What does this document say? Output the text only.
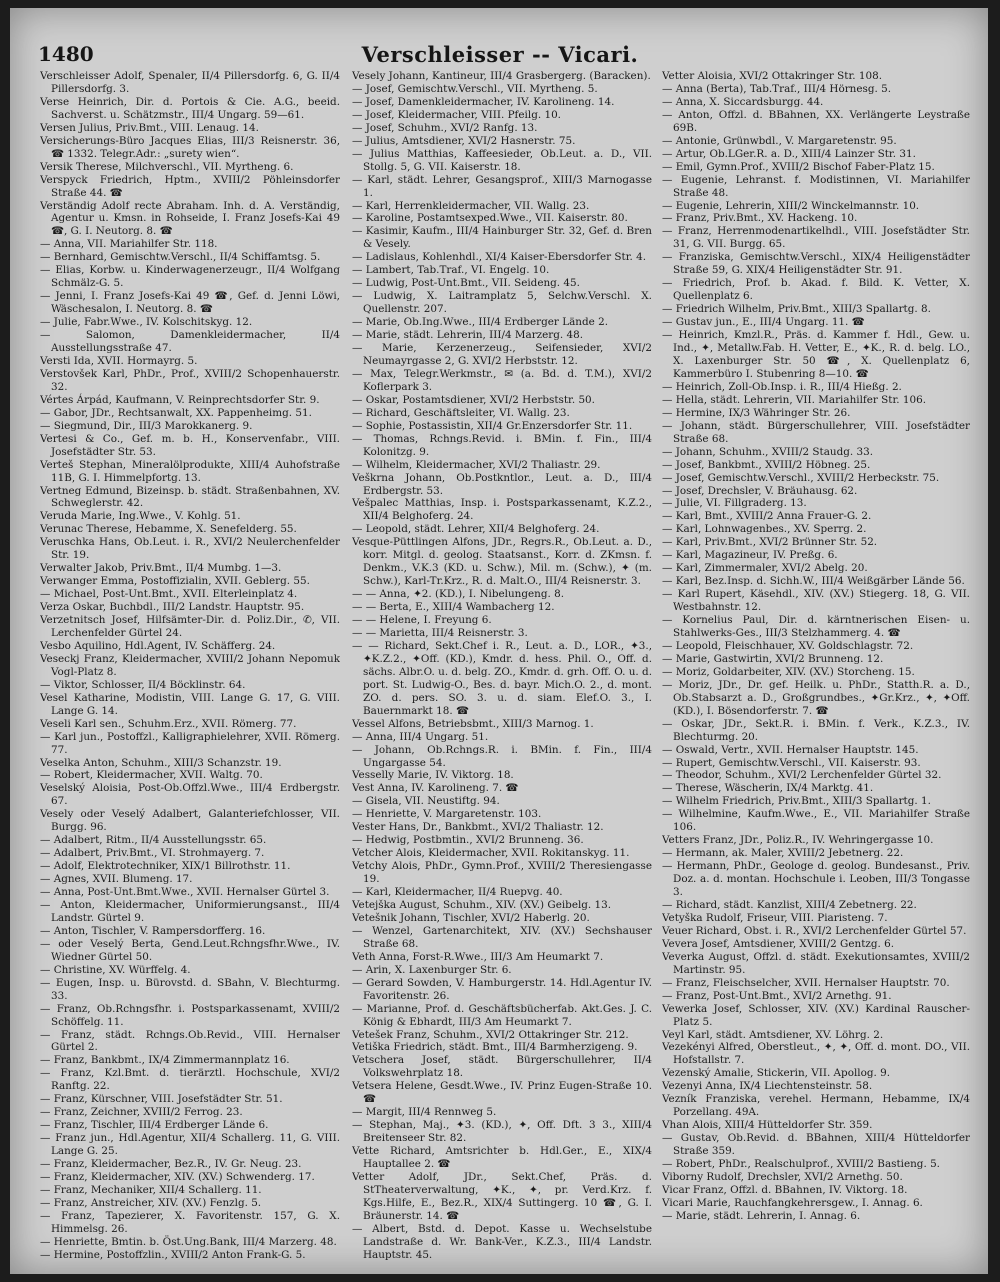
1480	Verschleisser -- Vicari.
Verschleisser Adolf, Spenaler, II/4 Pillersdorfg. 6, G. II/4 Pillersdorfg. 3.
Verse Heinrich, Dir. d. Portois & Cie. A.G., beeid. Sachverst. u. Schätzmstr., III/4 Ungarg. 59—61.
Versen Julius, Priv.Bmt., VIII. Lenaug. 14.
Versicherungs-Büro Jacques Elias, III/3 Reisnerstr. 36, ☎ 1332. Telegr.Adr.: „surety wien“.
Versik Therese, Milchverschl., VII. Myrtheng. 6.
Verspyck Friedrich, Hptm., XVIII/2 Pöhleinsdorfer Straße 44. ☎
Verständig Adolf recte Abraham. Inh. d. A. Verständig, Agentur u. Kmsn. in Rohseide, I. Franz Josefs-Kai 49 ☎, G. I. Neutorg. 8. ☎
— Anna, VII. Mariahilfer Str. 118.
— Bernhard, Gemischtw.Verschl., II/4 Schiffamtsg. 5.
— Elias, Korbw. u. Kinderwagenerzeugr., II/4 Wolfgang Schmälz-G. 5.
— Jenni, I. Franz Josefs-Kai 49 ☎, Gef. d. Jenni Löwi, Wäschesalon, I. Neutorg. 8. ☎
— Julie, Fabr.Wwe., IV. Kolschitskyg. 12.
— Salomon, Damenkleidermacher, II/4 Ausstellungsstraße 47.
Versti Ida, XVII. Hormayrg. 5.
Verstovšek Karl, PhDr., Prof., XVIII/2 Schopenhauerstr. 32.
Vértes Árpád, Kaufmann, V. Reinprechtsdorfer Str. 9.
— Gabor, JDr., Rechtsanwalt, XX. Pappenheimg. 51.
— Siegmund, Dir., III/3 Marokkanerg. 9.
Vertesi & Co., Gef. m. b. H., Konservenfabr., VIII. Josefstädter Str. 53.
Verteš Stephan, Mineralölprodukte, XIII/4 Auhofstraße 11B, G. I. Himmelpfortg. 13.
Vertneg Edmund, Bizeinsp. b. städt. Straßenbahnen, XV. Schweglerstr. 42.
Veruda Marie, Ing.Wwe., V. Kohlg. 51.
Verunac Therese, Hebamme, X. Senefelderg. 55.
Veruschka Hans, Ob.Leut. i. R., XVI/2 Neulerchenfelder Str. 19.
Verwalter Jakob, Priv.Bmt., II/4 Mumbg. 1—3.
Verwanger Emma, Postoffizialin, XVII. Geblerg. 55.
— Michael, Post-Unt.Bmt., XVII. Elterleinplatz 4.
Verza Oskar, Buchbdl., III/2 Landstr. Hauptstr. 95.
Verzetnitsch Josef, Hilfsämter-Dir. d. Poliz.Dir., ✆, VII. Lerchenfelder Gürtel 24.
Vesbo Aquilino, Hdl.Agent, IV. Schäfferg. 24.
Veseckj Franz, Kleidermacher, XVIII/2 Johann Nepomuk Vogl-Platz 8.
— Viktor, Schlosser, II/4 Böcklinstr. 64.
Vesel Katharine, Modistin, VIII. Lange G. 17, G. VIII. Lange G. 14.
Veseli Karl sen., Schuhm.Erz., XVII. Römerg. 77.
— Karl jun., Postoffzl., Kalligraphielehrer, XVII. Römerg. 77.
Veselka Anton, Schuhm., XIII/3 Schanzstr. 19.
— Robert, Kleidermacher, XVII. Waltg. 70.
Veselský Aloisia, Post-Ob.Offzl.Wwe., III/4 Erdbergstr. 67.
Vesely oder Veselý Adalbert, Galanteriefchlosser, VII. Burgg. 96.
— Adalbert, Ritm., II/4 Ausstellungsstr. 65.
— Adalbert, Priv.Bmt., VI. Strohmayerg. 7.
— Adolf, Elektrotechniker, XIX/1 Billrothstr. 11.
— Agnes, XVII. Blumeng. 17.
— Anna, Post-Unt.Bmt.Wwe., XVII. Hernalser Gürtel 3.
— Anton, Kleidermacher, Uniformierungsanst., III/4 Landstr. Gürtel 9.
— Anton, Tischler, V. Rampersdorfferg. 16.
— oder Veselý Berta, Gend.Leut.Rchngsfhr.Wwe., IV. Wiedner Gürtel 50.
— Christine, XV. Würffelg. 4.
— Eugen, Insp. u. Bürovstd. d. SBahn, V. Blechturmg. 33.
— Franz, Ob.Rchngsfhr. i. Postsparkassenamt, XVIII/2 Schöffelg. 11.
— Franz, städt. Rchngs.Ob.Revid., VIII. Hernalser Gürtel 2.
— Franz, Bankbmt., IX/4 Zimmermannplatz 16.
— Franz, Kzl.Bmt. d. tierärztl. Hochschule, XVI/2 Ranftg. 22.
— Franz, Kürschner, VIII. Josefstädter Str. 51.
— Franz, Zeichner, XVIII/2 Ferrog. 23.
— Franz, Tischler, III/4 Erdberger Lände 6.
— Franz jun., Hdl.Agentur, XII/4 Schallerg. 11, G. VIII. Lange G. 25.
— Franz, Kleidermacher, Bez.R., IV. Gr. Neug. 23.
— Franz, Kleidermacher, XIV. (XV.) Schwenderg. 17.
— Franz, Mechaniker, XII/4 Schallerg. 11.
— Franz, Anstreicher, XIV. (XV.) Fenzlg. 5.
— Franz, Tapezierer, X. Favoritenstr. 157, G. X. Himmelsg. 26.
— Henriette, Bmtin. b. Öst.Ung.Bank, III/4 Marzerg. 48.
— Hermine, Postoffzlin., XVIII/2 Anton Frank-G. 5.
Vesely Johann, Kantineur, III/4 Grasbergerg. (Baracken).
— Josef, Gemischtw.Verschl., VII. Myrtheng. 5.
— Josef, Damenkleidermacher, IV. Karolineng. 14.
— Josef, Kleidermacher, VIII. Pfeilg. 10.
— Josef, Schuhm., XVI/2 Ranfg. 13.
— Julius, Amtsdiener, XVI/2 Hasnerstr. 75.
— Julius Matthias, Kaffeesieder, Ob.Leut. a. D., VII. Stollg. 5, G. VII. Kaiserstr. 18.
— Karl, städt. Lehrer, Gesangsprof., XIII/3 Marnogasse 1.
— Karl, Herrenkleidermacher, VII. Wallg. 23.
— Karoline, Postamtsexped.Wwe., VII. Kaiserstr. 80.
— Kasimir, Kaufm., III/4 Hainburger Str. 32, Gef. d. Bren & Vesely.
— Ladislaus, Kohlenhdl., XI/4 Kaiser-Ebersdorfer Str. 4.
— Lambert, Tab.Traf., VI. Engelg. 10.
— Ludwig, Post-Unt.Bmt., VII. Seideng. 45.
— Ludwig, X. Laitramplatz 5, Selchw.Verschl. X. Quellenstr. 207.
— Marie, Ob.Ing.Wwe., III/4 Erdberger Lände 2.
— Marie, städt. Lehrerin, III/4 Marzerg. 48.
— Marie, Kerzenerzeug., Seifensieder, XVI/2 Neumayrgasse 2, G. XVI/2 Herbststr. 12.
— Max, Telegr.Werkmstr., ✉ (a. Bd. d. T.M.), XVI/2 Koflerpark 3.
— Oskar, Postamtsdiener, XVI/2 Herbststr. 50.
— Richard, Geschäftsleiter, VI. Wallg. 23.
— Sophie, Postassistin, XII/4 Gr.Enzersdorfer Str. 11.
— Thomas, Rchngs.Revid. i. BMin. f. Fin., III/4 Kolonitzg. 9.
— Wilhelm, Kleidermacher, XVI/2 Thaliastr. 29.
Veškrna Johann, Ob.Postkntlor., Leut. a. D., III/4 Erdbergstr. 53.
Vešpalec Matthias, Insp. i. Postsparkassenamt, K.Z.2., XII/4 Belghoferg. 24.
— Leopold, städt. Lehrer, XII/4 Belghoferg. 24.
Vesque-Püttlingen Alfons, JDr., Regrs.R., Ob.Leut. a. D., korr. Mitgl. d. geolog. Staatsanst., Korr. d. ZKmsn. f. Denkm., V.K.3 (KD. u. Schw.), Mil. m. (Schw.), ✦ (m. Schw.), Karl-Tr.Krz., R. d. Malt.O., III/4 Reisnerstr. 3.
— — Anna, ✦2. (KD.), I. Nibelungeng. 8.
— — Berta, E., XIII/4 Wambacherg 12.
— — Helene, I. Freyung 6.
— — Marietta, III/4 Reisnerstr. 3.
— — Richard, Sekt.Chef i. R., Leut. a. D., LOR., ✦3., ✦K.Z.2., ✦Off. (KD.), Kmdr. d. hess. Phil. O., Off. d. sächs. Albr.O. u. d. belg. ZO., Kmdr. d. grh. Off. O. u. d. port. St. Ludwig-O., Bes. d. bayr. Mich.O. 2., d. mont. ZO. d. pers. SO. 3. u. d. siam. Elef.O. 3., I. Bauernmarkt 18. ☎
Vessel Alfons, Betriebsbmt., XIII/3 Marnog. 1.
— Anna, III/4 Ungarg. 51.
— Johann, Ob.Rchngs.R. i. BMin. f. Fin., III/4 Ungargasse 54.
Vesselly Marie, IV. Viktorg. 18.
Vest Anna, IV. Karolineng. 7. ☎
— Gisela, VII. Neustiftg. 94.
— Henriette, V. Margaretenstr. 103.
Vester Hans, Dr., Bankbmt., XVI/2 Thaliastr. 12.
— Hedwig, Postbmtin., XVI/2 Brunneng. 36.
Vetcher Alois, Kleidermacher, XVII. Rokitanskyg. 11.
Vetchy Alois, PhDr., Gymn.Prof., XVIII/2 Theresiengasse 19.
— Karl, Kleidermacher, II/4 Ruepvg. 40.
Vetejška August, Schuhm., XIV. (XV.) Geibelg. 13.
Vetešnik Johann, Tischler, XVI/2 Haberlg. 20.
— Wenzel, Gartenarchitekt, XIV. (XV.) Sechshauser Straße 68.
Veth Anna, Forst-R.Wwe., III/3 Am Heumarkt 7.
— Arin, X. Laxenburger Str. 6.
— Gerard Sowden, V. Hamburgerstr. 14. Hdl.Agentur IV. Favoritenstr. 26.
— Marianne, Prof. d. Geschäftsbücherfab. Akt.Ges. J. C. König & Ebhardt, III/3 Am Heumarkt 7.
Vetešek Franz, Schuhm., XVI/2 Ottakringer Str. 212.
Vetiška Friedrich, städt. Bmt., III/4 Barmherzigeng. 9.
Vetschera Josef, städt. Bürgerschullehrer, II/4 Volkswehrplatz 18.
Vetsera Helene, Gesdt.Wwe., IV. Prinz Eugen-Straße 10. ☎
— Margit, III/4 Rennweg 5.
— Stephan, Maj., ✦3. (KD.), ✦, Off. Dft. 3 3., XIII/4 Breitenseer Str. 82.
Vette Richard, Amtsrichter b. Hdl.Ger., E., XIX/4 Hauptallee 2. ☎
Vetter Adolf, JDr., Sekt.Chef, Präs. d. StTheaterverwaltung, ✦K., ✦, pr. Verd.Krz. f. Kgs.Hilfe, E., Bez.R., XIX/4 Suttingerg. 10 ☎, G. I. Bräunerstr. 14. ☎
— Albert, Bstd. d. Depot. Kasse u. Wechselstube Landstraße d. Wr. Bank-Ver., K.Z.3., III/4 Landstr. Hauptstr. 45.
Vetter Aloisia, XVI/2 Ottakringer Str. 108.
— Anna (Berta), Tab.Traf., III/4 Hörnesg. 5.
— Anna, X. Siccardsburgg. 44.
— Anton, Offzl. d. BBahnen, XX. Verlängerte Leystraße 69B.
— Antonie, Grünwbdl., V. Margaretenstr. 95.
— Artur, Ob.LGer.R. a. D., XIII/4 Lainzer Str. 31.
— Emil, Gymn.Prof., XVIII/2 Bischof Faber-Platz 15.
— Eugenie, Lehranst. f. Modistinnen, VI. Mariahilfer Straße 48.
— Eugenie, Lehrerin, XIII/2 Winckelmannstr. 10.
— Franz, Priv.Bmt., XV. Hackeng. 10.
— Franz, Herrenmodenartikelhdl., VIII. Josefstädter Str. 31, G. VII. Burgg. 65.
— Franziska, Gemischtw.Verschl., XIX/4 Heiligenstädter Straße 59, G. XIX/4 Heiligenstädter Str. 91.
— Friedrich, Prof. b. Akad. f. Bild. K. Vetter, X. Quellenplatz 6.
— Friedrich Wilhelm, Priv.Bmt., XIII/3 Spallartg. 8.
— Gustav jun., E., III/4 Ungarg. 11. ☎
— Heinrich, Kmzl.R., Präs. d. Kammer f. Hdl., Gew. u. Ind., ✦, Metallw.Fab. H. Vetter, E., ✦K., R. d. belg. LO., X. Laxenburger Str. 50 ☎, X. Quellenplatz 6, Kammerbüro I. Stubenring 8—10. ☎
— Heinrich, Zoll-Ob.Insp. i. R., III/4 Hießg. 2.
— Hella, städt. Lehrerin, VII. Mariahilfer Str. 106.
— Hermine, IX/3 Währinger Str. 26.
— Johann, städt. Bürgerschullehrer, VIII. Josefstädter Straße 68.
— Johann, Schuhm., XVIII/2 Staudg. 33.
— Josef, Bankbmt., XVIII/2 Höbneg. 25.
— Josef, Gemischtw.Verschl., XVIII/2 Herbeckstr. 75.
— Josef, Drechsler, V. Bräuhausg. 62.
— Julie, VI. Fillgraderg. 13.
— Karl, Bmt., XVIII/2 Anna Frauer-G. 2.
— Karl, Lohnwagenbes., XV. Sperrg. 2.
— Karl, Priv.Bmt., XVI/2 Brünner Str. 52.
— Karl, Magazineur, IV. Preßg. 6.
— Karl, Zimmermaler, XVI/2 Abelg. 20.
— Karl, Bez.Insp. d. Sichh.W., III/4 Weißgärber Lände 56.
— Karl Rupert, Käsehdl., XIV. (XV.) Stiegerg. 18, G. VII. Westbahnstr. 12.
— Kornelius Paul, Dir. d. kärntnerischen Eisen- u. Stahlwerks-Ges., III/3 Stelzhammerg. 4. ☎
— Leopold, Fleischhauer, XV. Goldschlagstr. 72.
— Marie, Gastwirtin, XVI/2 Brunneng. 12.
— Moriz, Goldarbeiter, XIV. (XV.) Storcheng. 15.
— Moriz, JDr., Dr. gef. Heilk. u. PhDr., Statth.R. a. D., Ob.Stabsarzt a. D., Großgrundbes., ✦Gr.Krz., ✦, ✦Off. (KD.), I. Bösendorferstr. 7. ☎
— Oskar, JDr., Sekt.R. i. BMin. f. Verk., K.Z.3., IV. Blechturmg. 20.
— Oswald, Vertr., XVII. Hernalser Hauptstr. 145.
— Rupert, Gemischtw.Verschl., VII. Kaiserstr. 93.
— Theodor, Schuhm., XVI/2 Lerchenfelder Gürtel 32.
— Therese, Wäscherin, IX/4 Marktg. 41.
— Wilhelm Friedrich, Priv.Bmt., XIII/3 Spallartg. 1.
— Wilhelmine, Kaufm.Wwe., E., VII. Mariahilfer Straße 106.
Vetters Franz, JDr., Poliz.R., IV. Wehringergasse 10.
— Hermann, ak. Maler, XVIII/2 Jebetnerg. 22.
— Hermann, PhDr., Geologe d. geolog. Bundesanst., Priv. Doz. a. d. montan. Hochschule i. Leoben, III/3 Tongasse 3.
— Richard, städt. Kanzlist, XIII/4 Zebetnerg. 22.
Vetyška Rudolf, Friseur, VIII. Piaristeng. 7.
Veuer Richard, Obst. i. R., XVI/2 Lerchenfelder Gürtel 57.
Vevera Josef, Amtsdiener, XVIII/2 Gentzg. 6.
Veverka August, Offzl. d. städt. Exekutionsamtes, XVIII/2 Martinstr. 95.
— Franz, Fleischselcher, XVII. Hernalser Hauptstr. 70.
— Franz, Post-Unt.Bmt., XVI/2 Arnethg. 91.
Vewerka Josef, Schlosser, XIV. (XV.) Kardinal Rauscher-Platz 5.
Veyl Karl, städt. Amtsdiener, XV. Löhrg. 2.
Vezekényi Alfred, Oberstleut., ✦, ✦, Off. d. mont. DO., VII. Hofstallstr. 7.
Vezenský Amalie, Stickerin, VII. Apollog. 9.
Vezenyi Anna, IX/4 Liechtensteinstr. 58.
Vezník Franziska, verehel. Hermann, Hebamme, IX/4 Porzellang. 49A.
Vhan Alois, XIII/4 Hütteldorfer Str. 359.
— Gustav, Ob.Revid. d. BBahnen, XIII/4 Hütteldorfer Straße 359.
— Robert, PhDr., Realschulprof., XVIII/2 Bastieng. 5.
Viborny Rudolf, Drechsler, XVI/2 Arnethg. 50.
Vicar Franz, Offzl. d. BBahnen, IV. Viktorg. 18.
Vicari Marie, Rauchfangkehrersgew., I. Annag. 6.
— Marie, städt. Lehrerin, I. Annag. 6.
